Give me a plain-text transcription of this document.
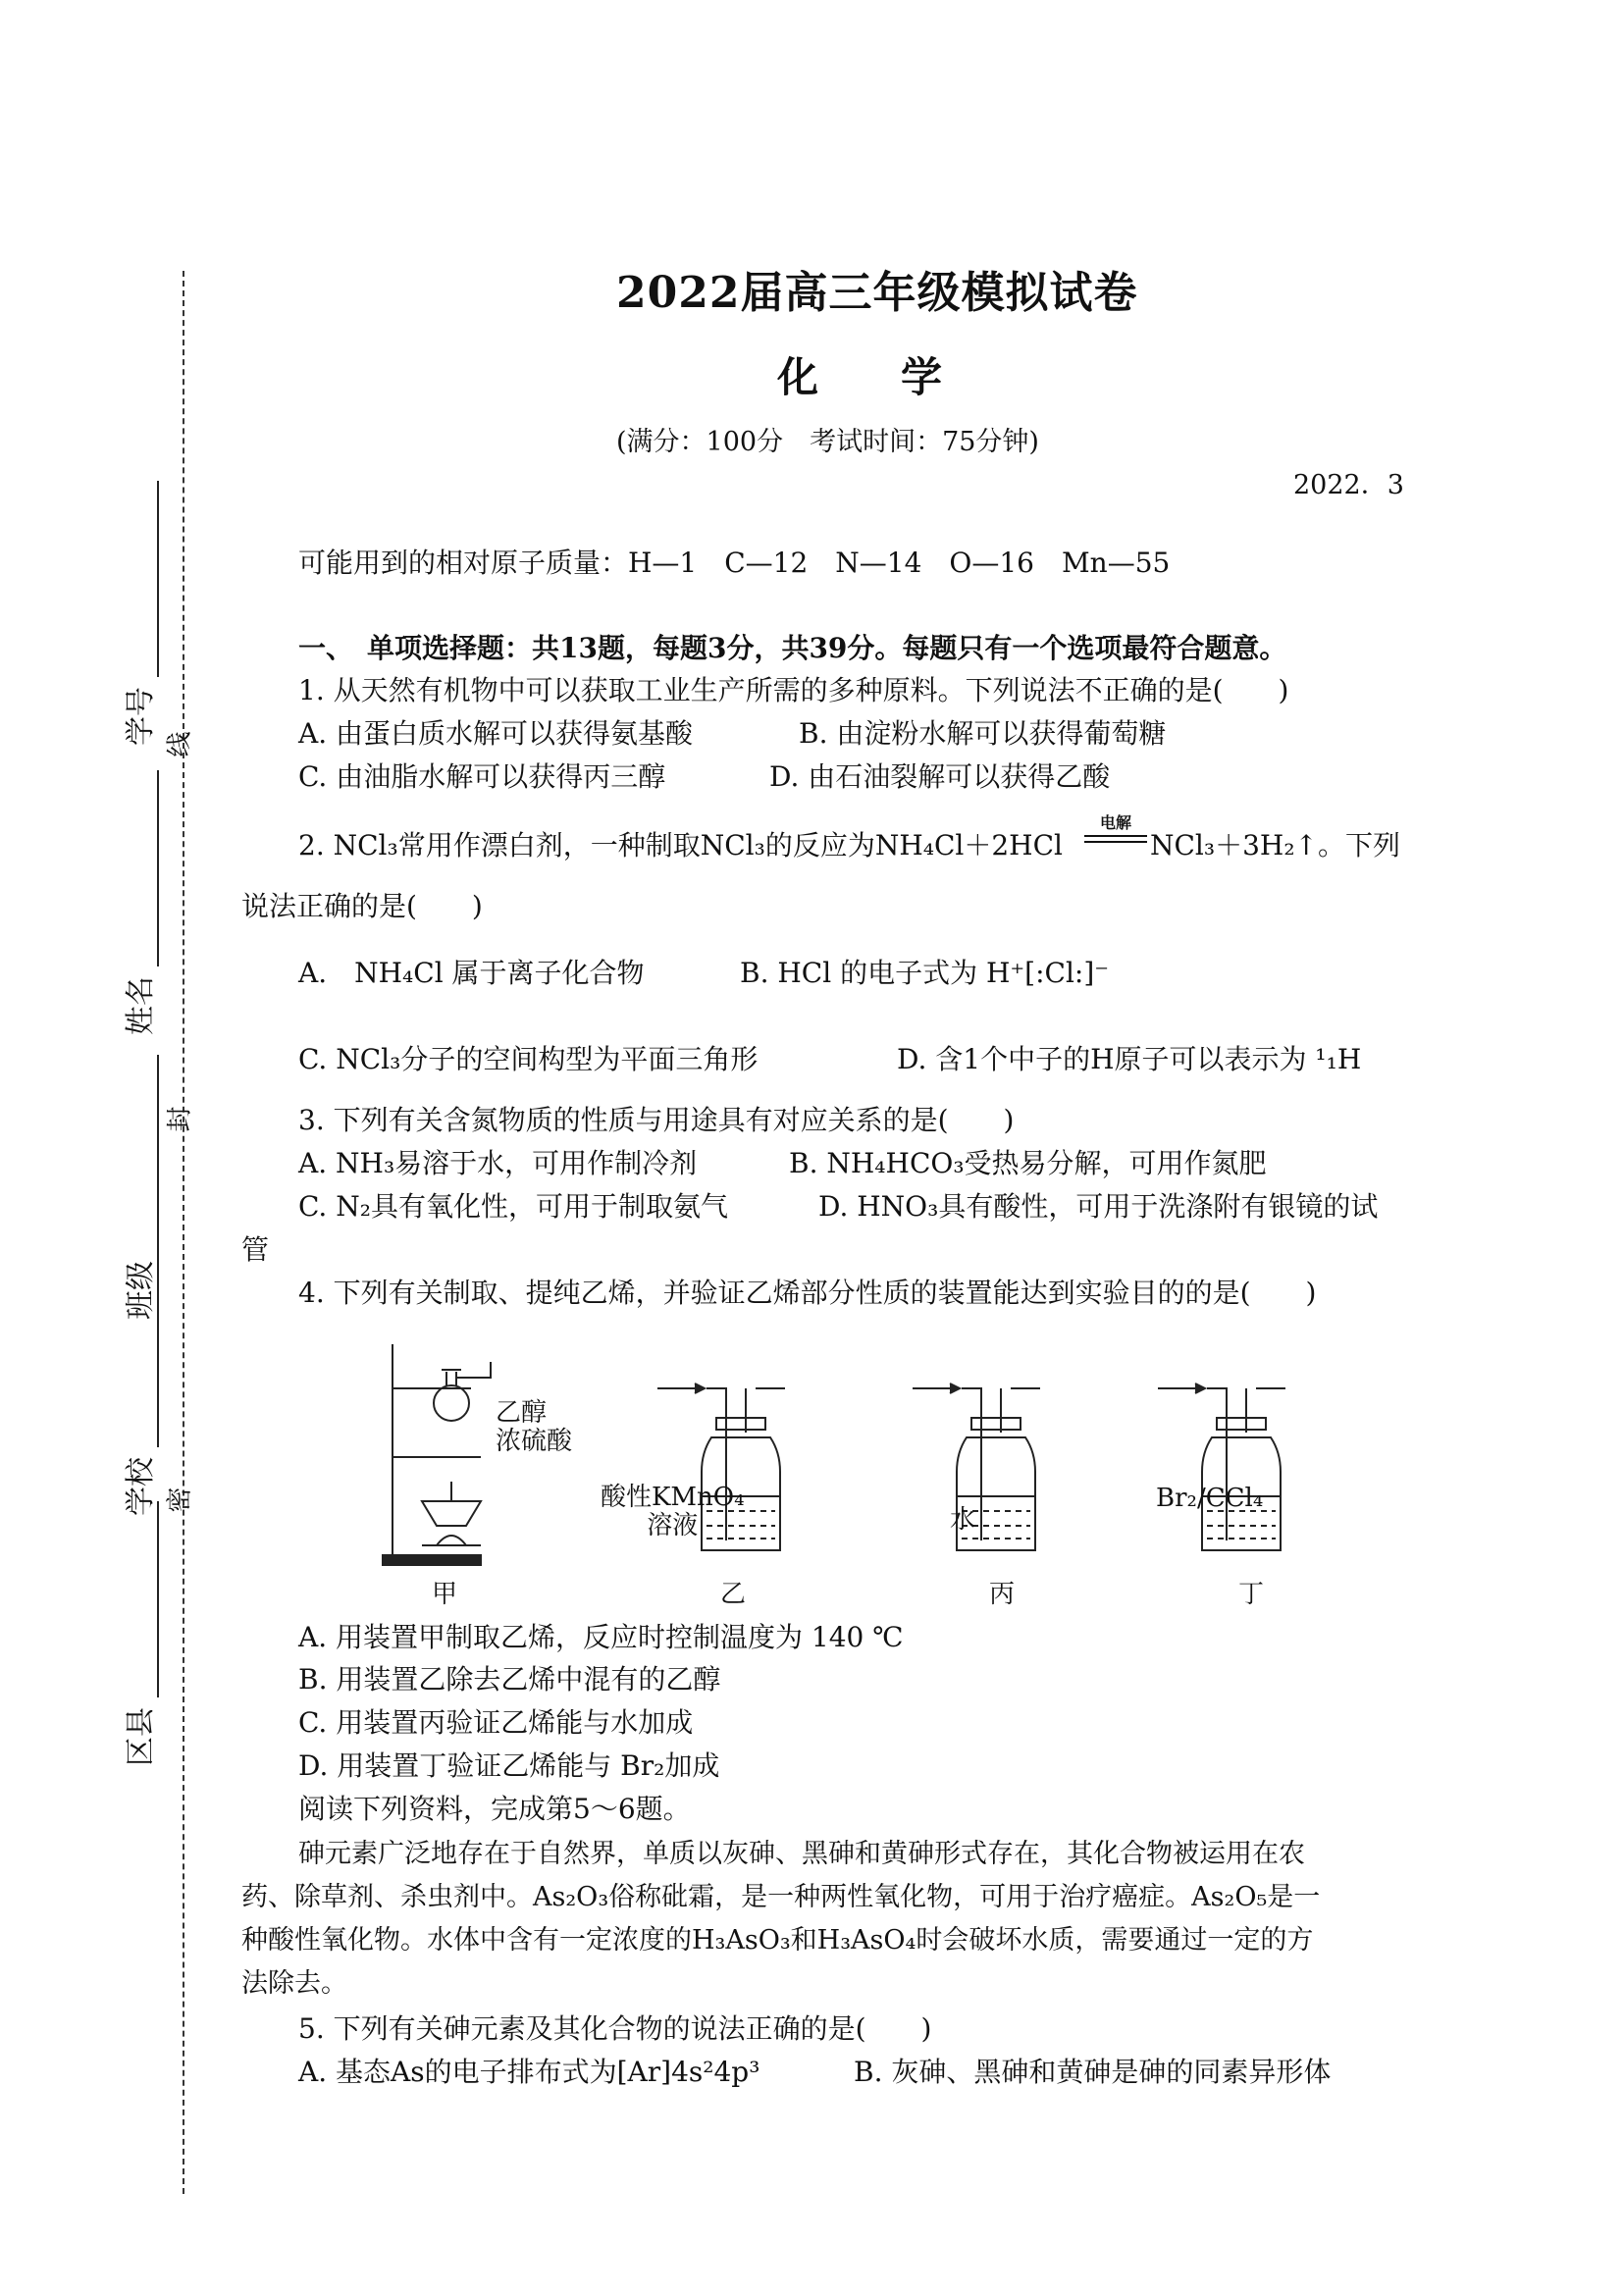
学号
姓名
班级
学校
区县
线
封
密
2022届高三年级模拟试卷
化　　学
(满分：100分　考试时间：75分钟)
2022．3
可能用到的相对原子质量：H—1　C—12　N—14　O—16　Mn—55
一、　单项选择题：共13题，每题3分，共39分。每题只有一个选项最符合题意。
1. 从天然有机物中可以获取工业生产所需的多种原料。下列说法不正确的是(　　)
A. 由蛋白质水解可以获得氨基酸	B. 由淀粉水解可以获得葡萄糖
C. 由油脂水解可以获得丙三醇	D. 由石油裂解可以获得乙酸
2. NCl₃常用作漂白剂，一种制取NCl₃的反应为NH₄Cl＋2HCl
电解
NCl₃＋3H₂↑。下列
说法正确的是(　　)
A.　NH₄Cl 属于离子化合物	B. HCl 的电子式为 H⁺[:Cl:]⁻
C. NCl₃分子的空间构型为平面三角形	D. 含1个中子的H原子可以表示为 ¹₁H
3. 下列有关含氮物质的性质与用途具有对应关系的是(　　)
A. NH₃易溶于水，可用作制冷剂	B. NH₄HCO₃受热易分解，可用作氮肥
C. N₂具有氧化性，可用于制取氨气	D. HNO₃具有酸性，可用于洗涤附有银镜的试
管
4. 下列有关制取、提纯乙烯，并验证乙烯部分性质的装置能达到实验目的的是(　　)
乙醇
浓硫酸
酸性KMnO₄
溶液	水
Br₂/CCl₄
甲	乙	丙	丁
A. 用装置甲制取乙烯，反应时控制温度为 140 ℃
B. 用装置乙除去乙烯中混有的乙醇
C. 用装置丙验证乙烯能与水加成
D. 用装置丁验证乙烯能与 Br₂加成
阅读下列资料，完成第5～6题。
砷元素广泛地存在于自然界，单质以灰砷、黑砷和黄砷形式存在，其化合物被运用在农
药、除草剂、杀虫剂中。As₂O₃俗称砒霜，是一种两性氧化物，可用于治疗癌症。As₂O₅是一
种酸性氧化物。水体中含有一定浓度的H₃AsO₃和H₃AsO₄时会破坏水质，需要通过一定的方
法除去。
5. 下列有关砷元素及其化合物的说法正确的是(　　)
A. 基态As的电子排布式为[Ar]4s²4p³	B. 灰砷、黑砷和黄砷是砷的同素异形体
